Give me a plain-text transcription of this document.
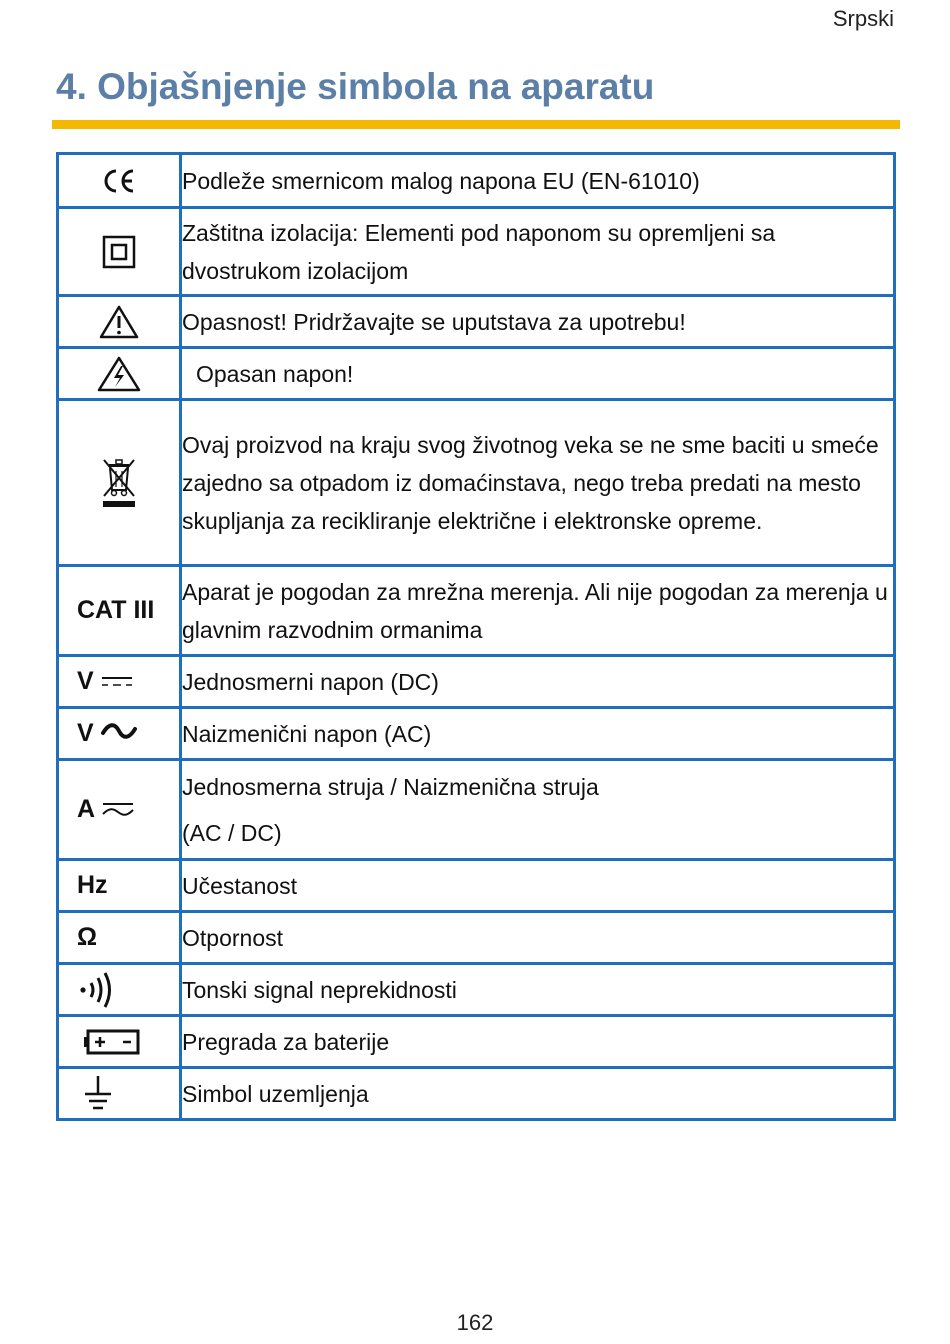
Srpski
4. Objašnjenje simbola na aparatu
	Podleže smernicom malog napona EU (EN-61010)

	Zaštitna izolacija: Elementi pod naponom su opremljeni sa dvostrukom izolacijom

	Opasnost! Pridržavajte se uputstava za upotrebu!

	Opasan napon!

	Ovaj proizvod na kraju svog životnog veka se ne sme baciti u smeće zajedno sa otpadom iz domaćinstava, nego treba predati na mesto skupljanja za recikliranje električne i elektronske opreme.
CAT III	Aparat je pogodan za mrežna merenja. Ali nije pogodan za merenja u glavnim razvodnim ormanima

V	Jednosmerni napon (DC)

V	Naizmenični napon (AC)

A	Jednosmerna struja / Naizmenična struja
(AC / DC)

Hz	Učestanost
Ω	Otpornost

	Tonski signal neprekidnosti

	Pregrada za baterije

	Simbol uzemljenja
162
